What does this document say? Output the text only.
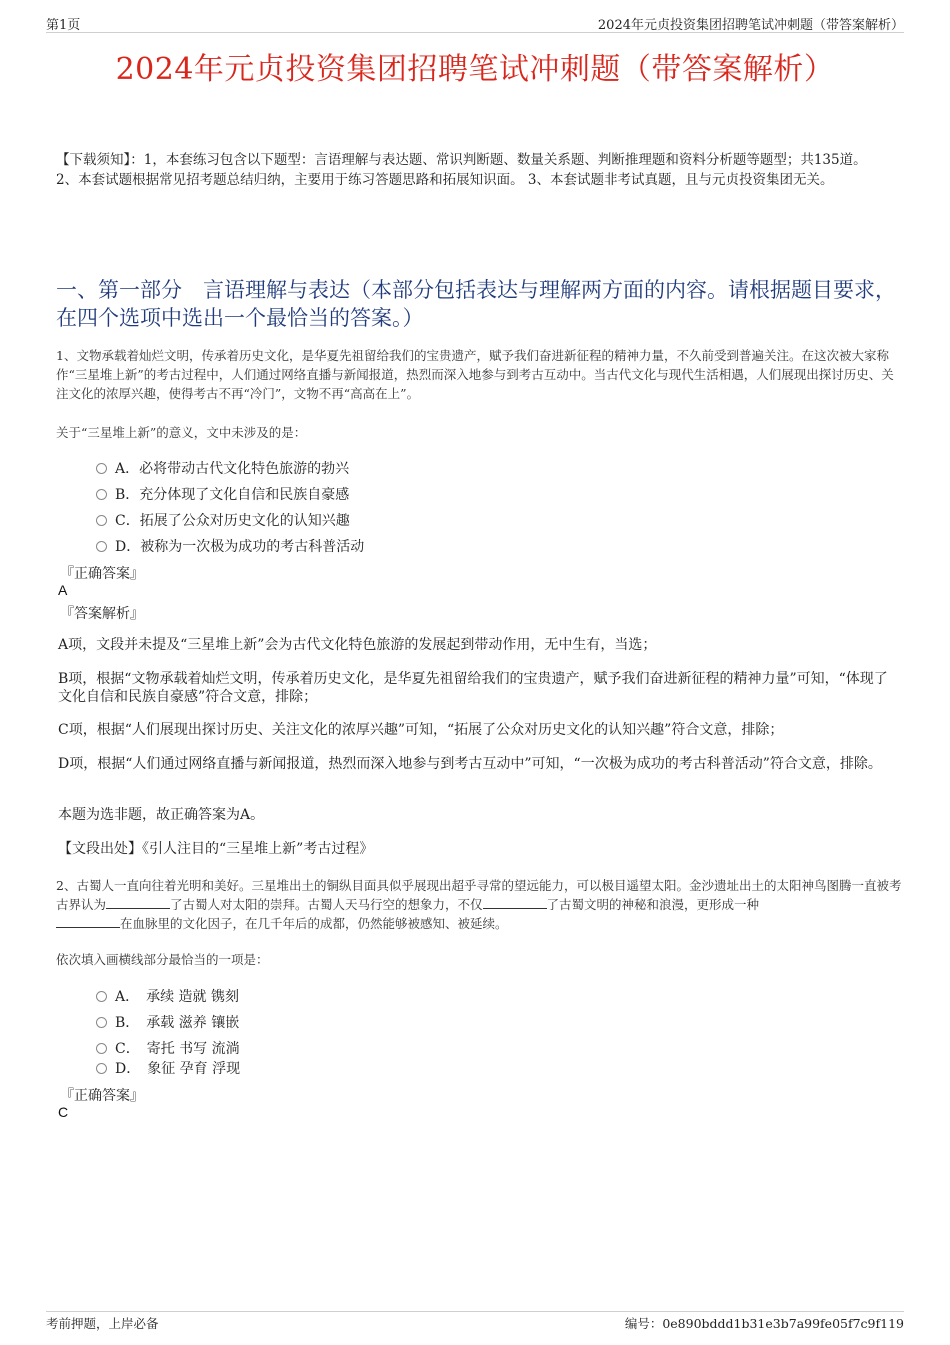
第1页	2024年元贞投资集团招聘笔试冲刺题（带答案解析）
2024年元贞投资集团招聘笔试冲刺题（带答案解析）
【下载须知】：1，本套练习包含以下题型：言语理解与表达题、常识判断题、数量关系题、判断推理题和资料分析题等题型；共135道。 2、本套试题根据常见招考题总结归纳，主要用于练习答题思路和拓展知识面。 3、本套试题非考试真题，且与元贞投资集团无关。
一、第一部分　言语理解与表达（本部分包括表达与理解两方面的内容。请根据题目要求，在四个选项中选出一个最恰当的答案。）
1、文物承载着灿烂文明，传承着历史文化，是华夏先祖留给我们的宝贵遗产，赋予我们奋进新征程的精神力量，不久前受到普遍关注。在这次被大家称作“三星堆上新”的考古过程中，人们通过网络直播与新闻报道，热烈而深入地参与到考古互动中。当古代文化与现代生活相遇，人们展现出探讨历史、关注文化的浓厚兴趣，使得考古不再“冷门”，文物不再“高高在上”。
关于“三星堆上新”的意义，文中未涉及的是：
A．必将带动古代文化特色旅游的勃兴
B．充分体现了文化自信和民族自豪感
C．拓展了公众对历史文化的认知兴趣
D．被称为一次极为成功的考古科普活动
『正确答案』
A
『答案解析』
A项，文段并未提及“三星堆上新”会为古代文化特色旅游的发展起到带动作用，无中生有，当选；
B项，根据“文物承载着灿烂文明，传承着历史文化，是华夏先祖留给我们的宝贵遗产，赋予我们奋进新征程的精神力量”可知，“体现了文化自信和民族自豪感”符合文意，排除；
C项，根据“人们展现出探讨历史、关注文化的浓厚兴趣”可知，“拓展了公众对历史文化的认知兴趣”符合文意，排除；
D项，根据“人们通过网络直播与新闻报道，热烈而深入地参与到考古互动中”可知，“一次极为成功的考古科普活动”符合文意，排除。
本题为选非题，故正确答案为A。
【文段出处】《引人注目的“三星堆上新”考古过程》
2、古蜀人一直向往着光明和美好。三星堆出土的铜纵目面具似乎展现出超乎寻常的望远能力，可以极目遥望太阳。金沙遗址出土的太阳神鸟图腾一直被考古界认为	了古蜀人对太阳的崇拜。古蜀人天马行空的想象力，不仅	了古蜀文明的神秘和浪漫，更形成一种
在血脉里的文化因子，在几千年后的成都，仍然能够被感知、被延续。
依次填入画横线部分最恰当的一项是：
A．　承续 造就 镌刻
B．　承载 滋养 镶嵌
C．　寄托 书写 流淌
D．　象征 孕育 浮现
『正确答案』
C
考前押题，上岸必备	编号：0e890bddd1b31e3b7a99fe05f7c9f119
